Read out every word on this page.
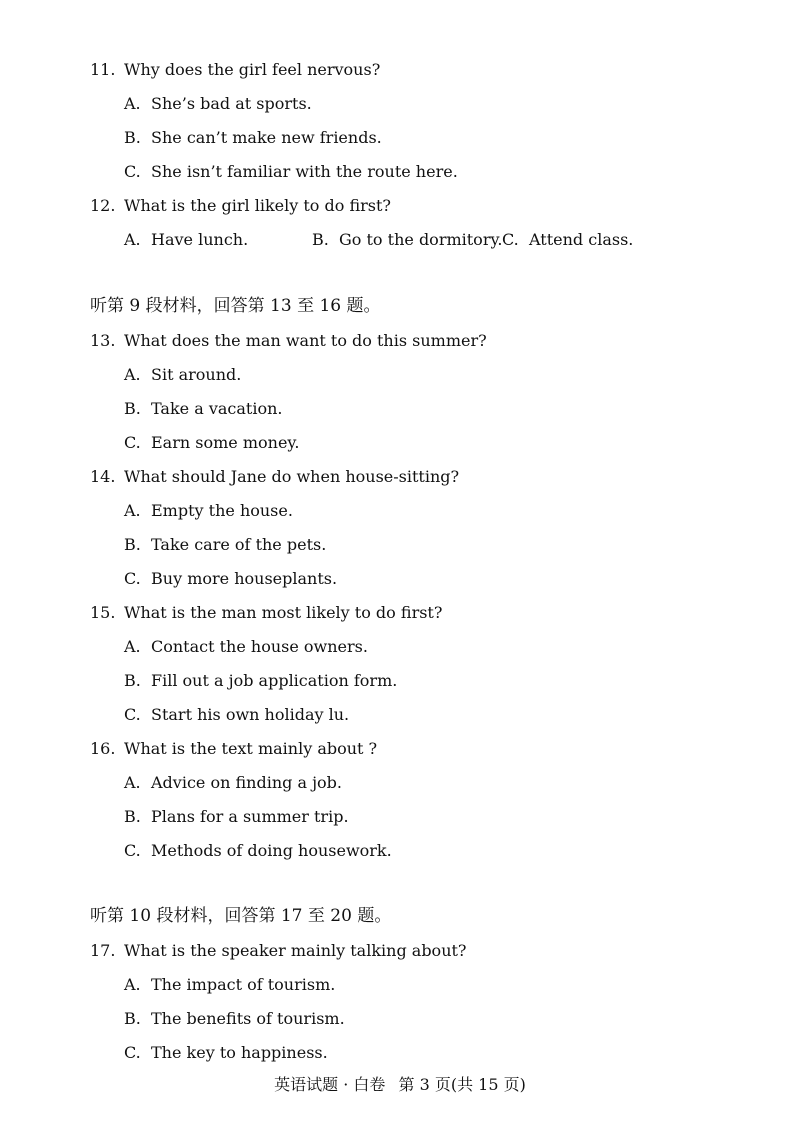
11. Why does the girl feel nervous?
A. She’s bad at sports.
B. She can’t make new friends.
C. She isn’t familiar with the route here.
12. What is the girl likely to do first?
A. Have lunch.	B. Go to the dormitory. C. Attend class.
听第 9 段材料，回答第 13 至 16 题。
13. What does the man want to do this summer?
A. Sit around.
B. Take a vacation.
C. Earn some money.
14. What should Jane do when house-sitting?
A. Empty the house.
B. Take care of the pets.
C. Buy more houseplants.
15. What is the man most likely to do first?
A. Contact the house owners.
B. Fill out a job application form.
C. Start his own holiday lu.
16. What is the text mainly about ?
A. Advice on finding a job.
B. Plans for a summer trip.
C. Methods of doing housework.
听第 10 段材料，回答第 17 至 20 题。
17. What is the speaker mainly talking about?
A. The impact of tourism.
B. The benefits of tourism.
C. The key to happiness.
英语试题 · 白卷 第 3 页(共 15 页)
